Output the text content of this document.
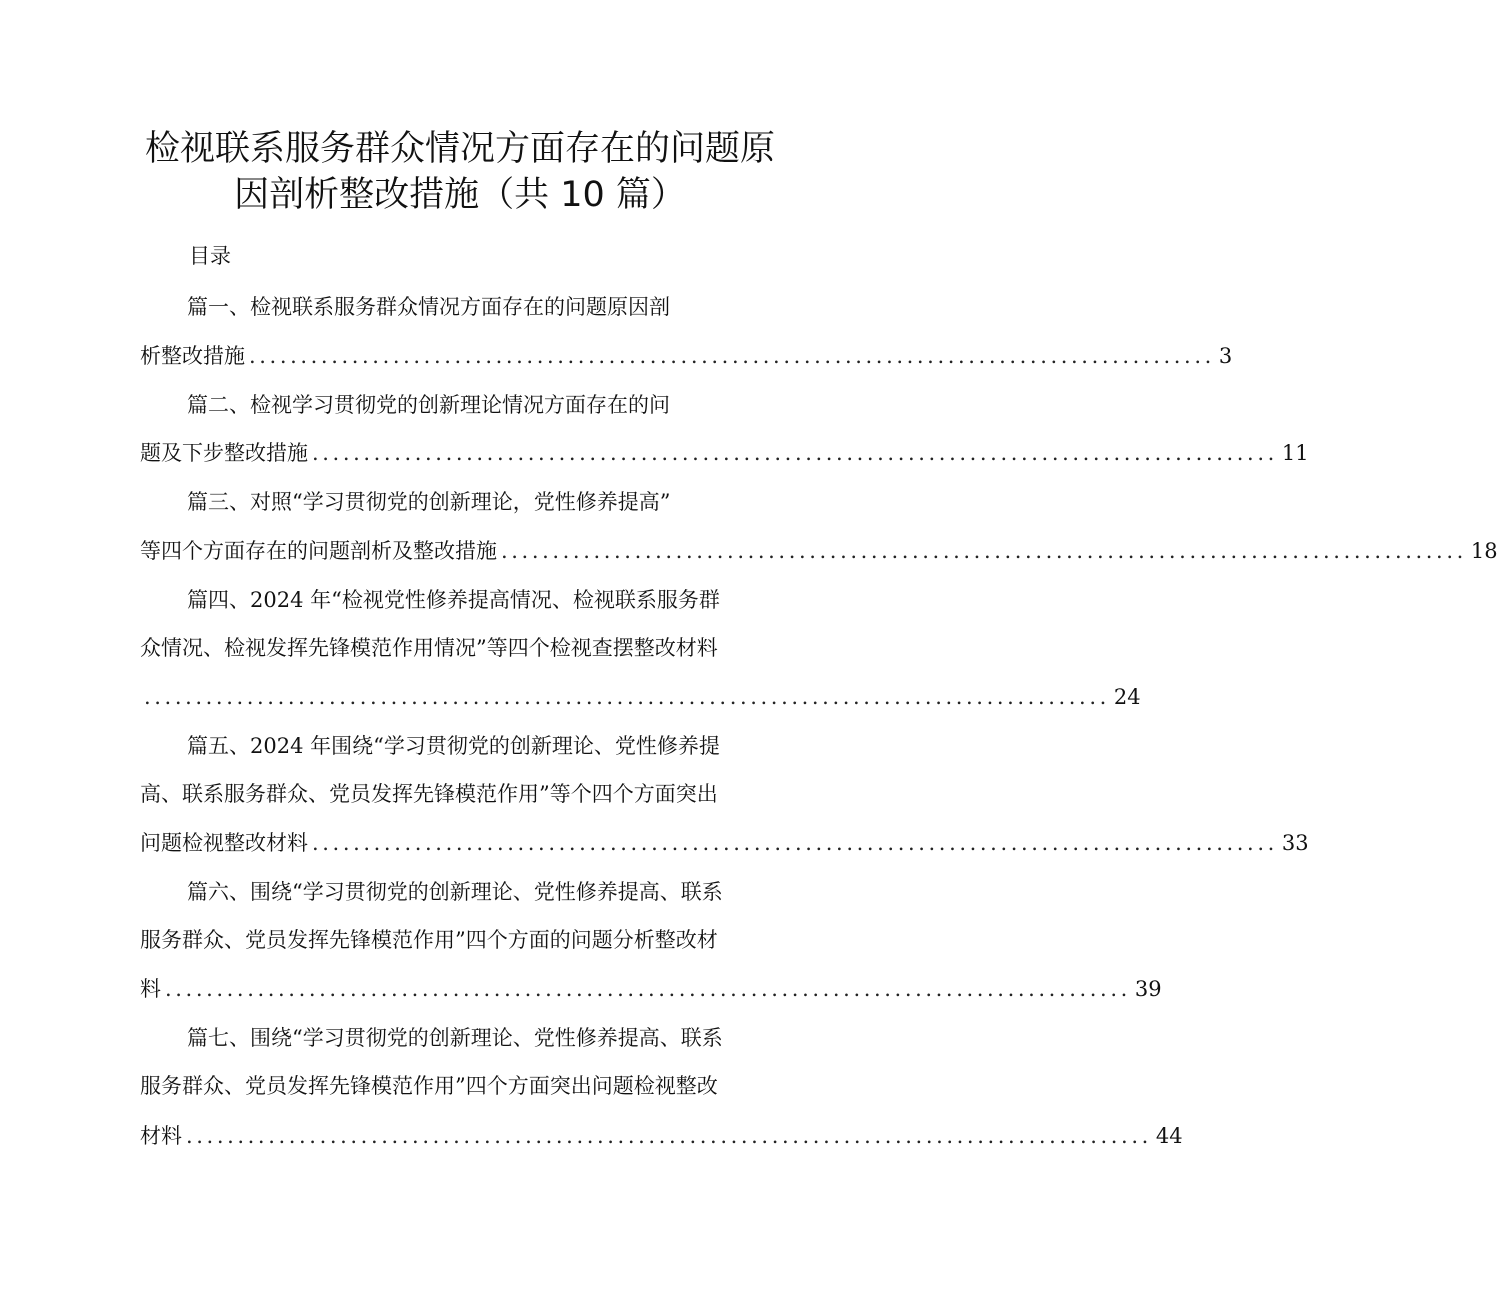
检视联系服务群众情况方面存在的问题原
因剖析整改措施（共 10 篇）
目录
篇一、检视联系服务群众情况方面存在的问题原因剖
析整改措施 .............................................................................................. 3
篇二、检视学习贯彻党的创新理论情况方面存在的问
题及下步整改措施 .............................................................................................. 11
篇三、对照“学习贯彻党的创新理论，党性修养提高”
等四个方面存在的问题剖析及整改措施 .............................................................................................. 18
篇四、2024 年“检视党性修养提高情况、检视联系服务群
众情况、检视发挥先锋模范作用情况”等四个检视查摆整改材料
.............................................................................................. 24
篇五、2024 年围绕“学习贯彻党的创新理论、党性修养提
高、联系服务群众、党员发挥先锋模范作用”等个四个方面突出
问题检视整改材料 .............................................................................................. 33
篇六、围绕“学习贯彻党的创新理论、党性修养提高、联系
服务群众、党员发挥先锋模范作用”四个方面的问题分析整改材
料 .............................................................................................. 39
篇七、围绕“学习贯彻党的创新理论、党性修养提高、联系
服务群众、党员发挥先锋模范作用”四个方面突出问题检视整改
材料 .............................................................................................. 44
